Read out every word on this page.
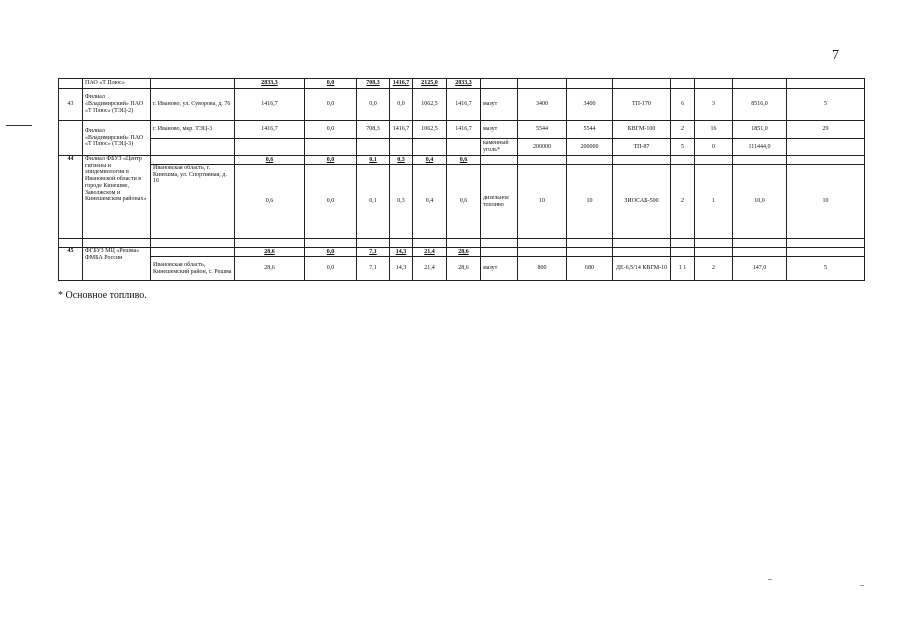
7
	ПАО «Т Плюс»		2833,3	0,0	708,3	1416,7	2125,0	2833,3								
43	Филиал «Владимирский» ПАО «Т Плюс» (ТЭЦ-2)	г. Иваново, ул. Суворова, д. 76	1416,7	0,0	0,0	0,0	1062,5	1416,7	мазут	3400	3400	ТП-170	6	3	8516,0	5
	Филиал «Владимирский» ПАО «Т Плюс» (ТЭЦ-3)	г. Иваново, мкр. ТЭЦ-3	1416,7	0,0	708,3	1416,7	1062,5	1416,7	мазут	5544	5544	КВГМ-100	2	16	1851,0	29
									каменный уголь*	200000	200000	ТП-87	5	0	111444,0	
44	Филиал ФБУЗ «Центр гигиены и эпидемиологии в Ивановской области в городе Кинешме, Заволжском и Кинешемском районах»		0,6	0,0	0,1	0,3	0,4	0,6								
		Ивановская область, г. Кинешма, ул. Спортивная, д. 16	0,6	0,0	0,1	0,3	0,4	0,6	дизельное топливо	10	10	ЗИОСАБ-500	2	1	10,0	10

45	ФГБУЗ МЦ «Решма» ФМБА России		28,6	0,0	7,1	14,3	21,4	28,6								
		Ивановская область, Кинешемский район, с. Решма	28,6	0,0	7,1	14,3	21,4	28,6	мазут	800	680	ДЕ-6,5/14 КВГМ-10	1 1	2	147,0	5
* Основное топливо.
